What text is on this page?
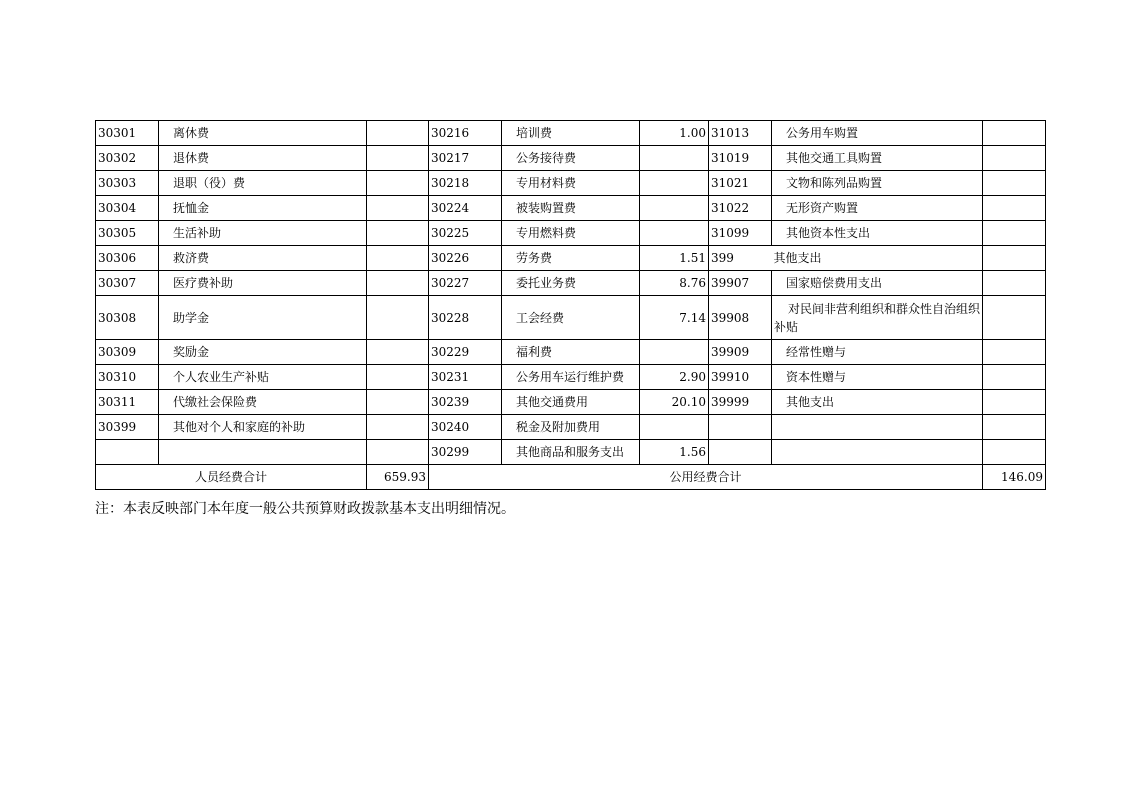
30301	离休费		30216	培训费	1.00	31013	公务用车购置	
30302	退休费		30217	公务接待费		31019	其他交通工具购置	
30303	退职（役）费		30218	专用材料费		31021	文物和陈列品购置	
30304	抚恤金		30224	被装购置费		31022	无形资产购置	
30305	生活补助		30225	专用燃料费		31099	其他资本性支出	
30306	救济费		30226	劳务费	1.51	399	其他支出	
30307	医疗费补助		30227	委托业务费	8.76	39907	国家赔偿费用支出	
30308	助学金		30228	工会经费	7.14	39908	对民间非营利组织和群众性自治组织补贴	
30309	奖励金		30229	福利费		39909	经常性赠与	
30310	个人农业生产补贴		30231	公务用车运行维护费	2.90	39910	资本性赠与	
30311	代缴社会保险费		30239	其他交通费用	20.10	39999	其他支出	
30399	其他对个人和家庭的补助		30240	税金及附加费用				
			30299	其他商品和服务支出	1.56			
人员经费合计		659.93	公用经费合计					146.09
注：本表反映部门本年度一般公共预算财政拨款基本支出明细情况。
